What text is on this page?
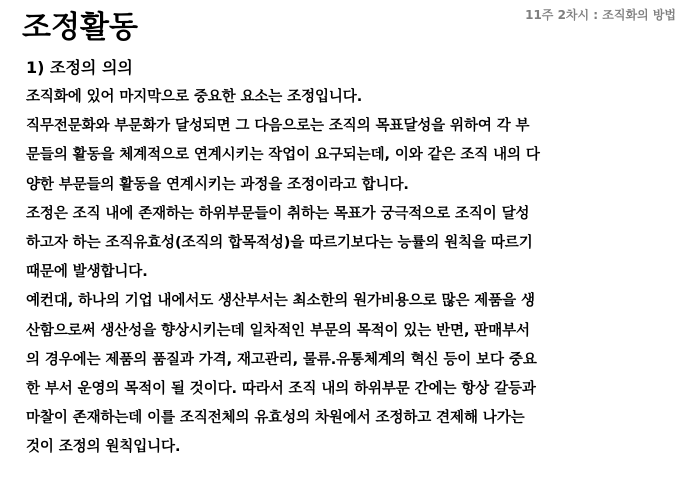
11주 2차시 : 조직화의 방법
조정활동
1) 조정의 의의

조직화에 있어 마지막으로 중요한 요소는 조정입니다.

직무전문화와 부문화가 달성되면 그 다음으로는 조직의 목표달성을 위하여 각 부
문들의 활동을 체계적으로 연계시키는 작업이 요구되는데, 이와 같은 조직 내의 다
양한 부문들의 활동을 연계시키는 과정을 조정이라고 합니다.

조정은 조직 내에 존재하는 하위부문들이 취하는 목표가 궁극적으로 조직이 달성
하고자 하는 조직유효성(조직의 합목적성)을 따르기보다는 능률의 원칙을 따르기
때문에 발생합니다.

예컨대, 하나의 기업 내에서도 생산부서는 최소한의 원가비용으로 많은 제품을 생
산함으로써 생산성을 향상시키는데 일차적인 부문의 목적이 있는 반면, 판매부서
의 경우에는 제품의 품질과 가격, 재고관리, 물류.유통체계의 혁신 등이 보다 중요
한 부서 운영의 목적이 될 것이다. 따라서 조직 내의 하위부문 간에는 항상 갈등과
마찰이 존재하는데 이를 조직전체의 유효성의 차원에서 조정하고 견제해 나가는
것이 조정의 원칙입니다.
